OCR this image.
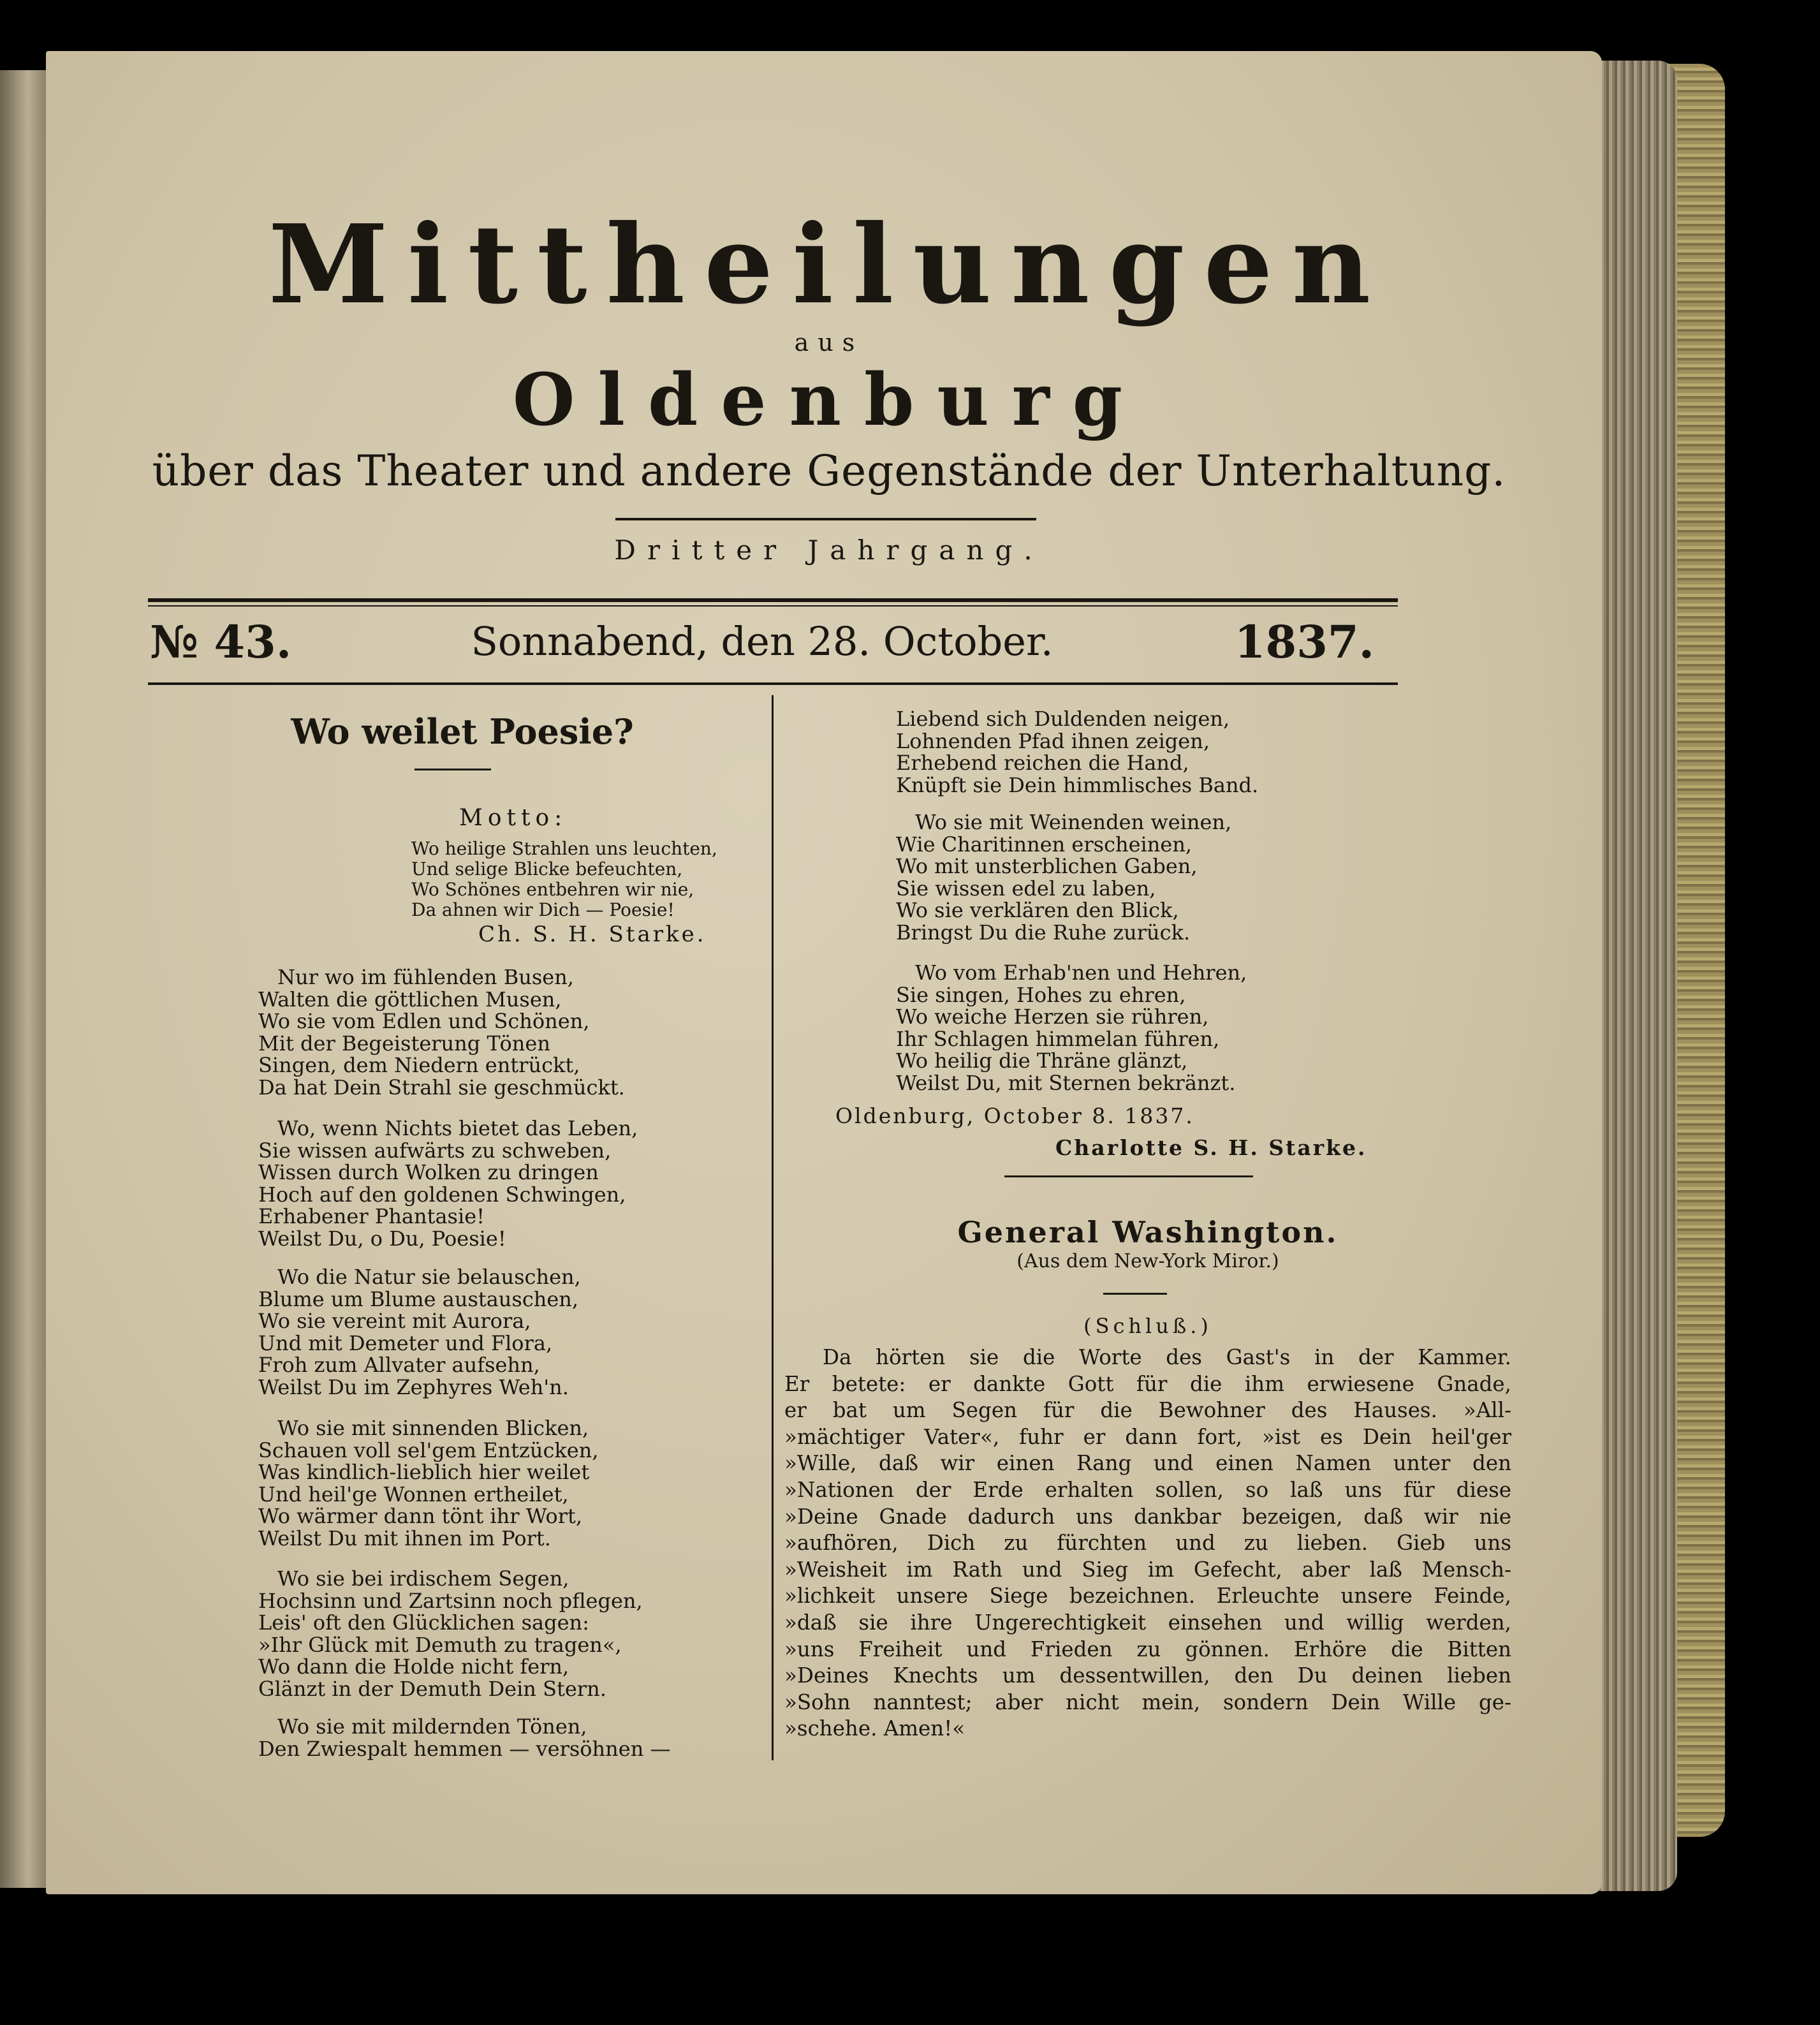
Mittheilungen
aus
Oldenburg
über das Theater und andere Gegenstände der Unterhaltung.
Dritter Jahrgang.
№ 43.	Sonnabend, den 28. October.	1837.
Wo weilet Poesie?
Motto:
Wo heilige Strahlen uns leuchten,
Und selige Blicke befeuchten,
Wo Schönes entbehren wir nie,
Da ahnen wir Dich — Poesie!
Ch. S. H. Starke.
Nur wo im fühlenden Busen,
Walten die göttlichen Musen,
Wo sie vom Edlen und Schönen,
Mit der Begeisterung Tönen
Singen, dem Niedern entrückt,
Da hat Dein Strahl sie geschmückt.
Wo, wenn Nichts bietet das Leben,
Sie wissen aufwärts zu schweben,
Wissen durch Wolken zu dringen
Hoch auf den goldenen Schwingen,
Erhabener Phantasie!
Weilst Du, o Du, Poesie!
Wo die Natur sie belauschen,
Blume um Blume austauschen,
Wo sie vereint mit Aurora,
Und mit Demeter und Flora,
Froh zum Allvater aufsehn,
Weilst Du im Zephyres Weh'n.
Wo sie mit sinnenden Blicken,
Schauen voll sel'gem Entzücken,
Was kindlich-lieblich hier weilet
Und heil'ge Wonnen ertheilet,
Wo wärmer dann tönt ihr Wort,
Weilst Du mit ihnen im Port.
Wo sie bei irdischem Segen,
Hochsinn und Zartsinn noch pflegen,
Leis' oft den Glücklichen sagen:
»Ihr Glück mit Demuth zu tragen«,
Wo dann die Holde nicht fern,
Glänzt in der Demuth Dein Stern.
Wo sie mit mildernden Tönen,
Den Zwiespalt hemmen — versöhnen —
Liebend sich Duldenden neigen,
Lohnenden Pfad ihnen zeigen,
Erhebend reichen die Hand,
Knüpft sie Dein himmlisches Band.
Wo sie mit Weinenden weinen,
Wie Charitinnen erscheinen,
Wo mit unsterblichen Gaben,
Sie wissen edel zu laben,
Wo sie verklären den Blick,
Bringst Du die Ruhe zurück.
Wo vom Erhab'nen und Hehren,
Sie singen, Hohes zu ehren,
Wo weiche Herzen sie rühren,
Ihr Schlagen himmelan führen,
Wo heilig die Thräne glänzt,
Weilst Du, mit Sternen bekränzt.
Oldenburg, October 8. 1837.
Charlotte S. H. Starke.
General Washington.
(Aus dem New-York Miror.)
(Schluß.)
Da hörten sie die Worte des Gast's in der Kammer.
Er betete: er dankte Gott für die ihm erwiesene Gnade,
er bat um Segen für die Bewohner des Hauses. »All-
»mächtiger Vater«, fuhr er dann fort, »ist es Dein heil'ger
»Wille, daß wir einen Rang und einen Namen unter den
»Nationen der Erde erhalten sollen, so laß uns für diese
»Deine Gnade dadurch uns dankbar bezeigen, daß wir nie
»aufhören, Dich zu fürchten und zu lieben. Gieb uns
»Weisheit im Rath und Sieg im Gefecht, aber laß Mensch-
»lichkeit unsere Siege bezeichnen. Erleuchte unsere Feinde,
»daß sie ihre Ungerechtigkeit einsehen und willig werden,
»uns Freiheit und Frieden zu gönnen. Erhöre die Bitten
»Deines Knechts um dessentwillen, den Du deinen lieben
»Sohn nanntest; aber nicht mein, sondern Dein Wille ge-
»schehe. Amen!«
